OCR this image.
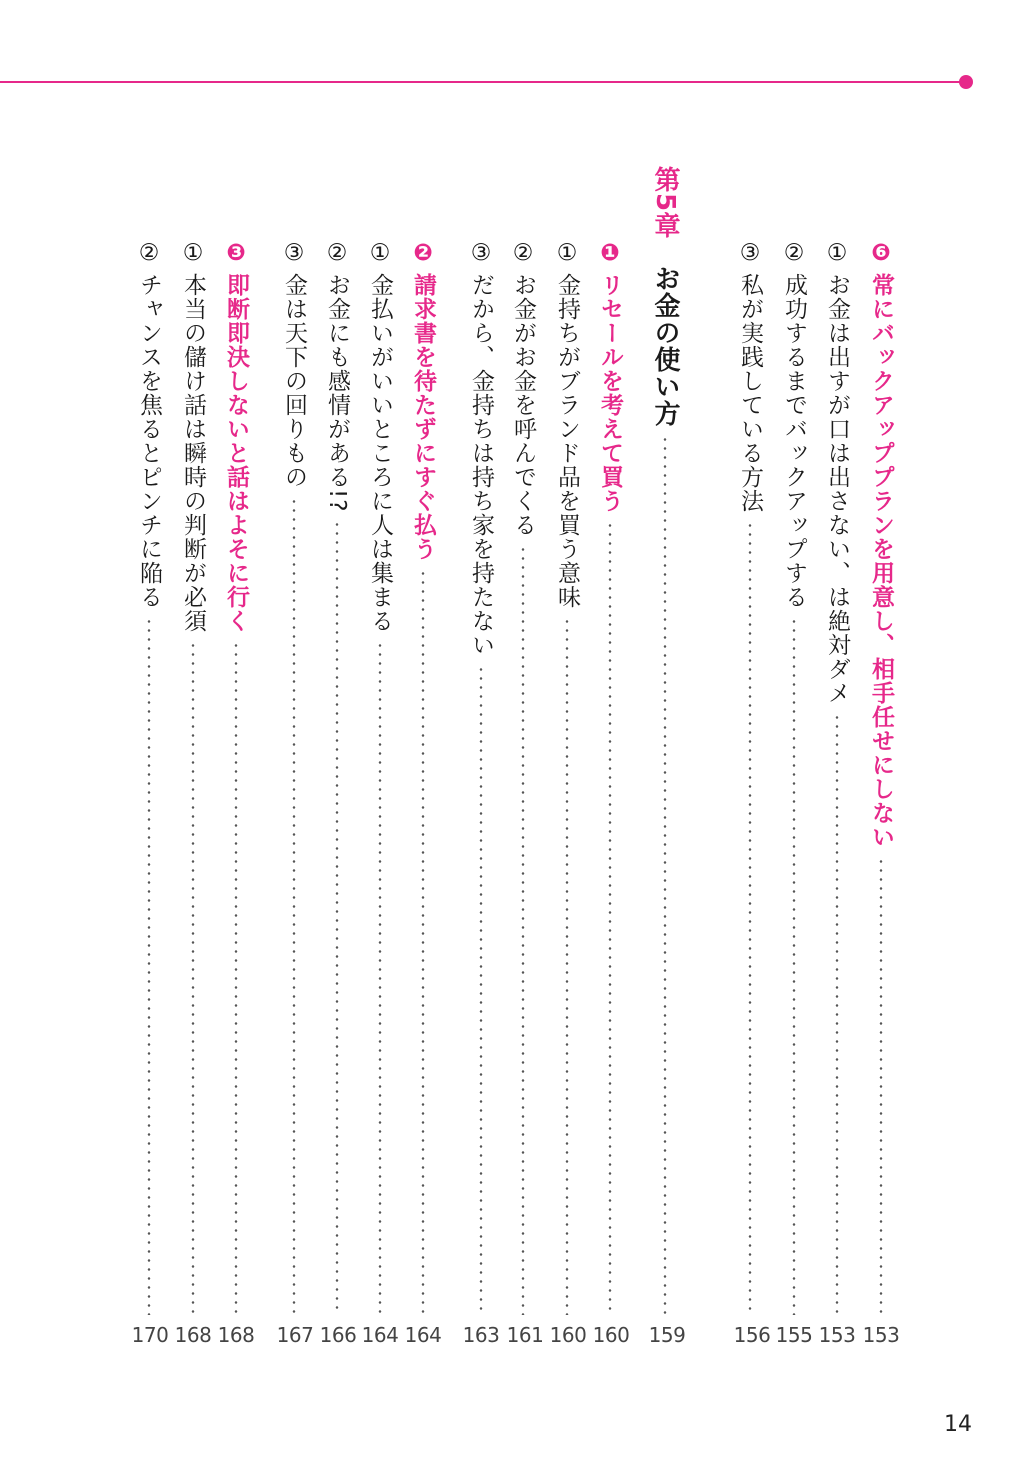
❻
常にバックアッププランを用意し、相手任せにしない
153
①
お金は出すが口は出さない、は絶対ダメ
153
②
成功するまでバックアップする
155
③
私が実践している方法
156
第5章
お金の使い方
159
❶
リセールを考えて買う
160
①
金持ちがブランド品を買う意味
160
②
お金がお金を呼んでくる
161
③
だから、金持ちは持ち家を持たない
163
❷
請求書を待たずにすぐ払う
164
①
金払いがいいところに人は集まる
164
②
お金にも感情がある!?
166
③
金は天下の回りもの
167
❸
即断即決しないと話はよそに行く
168
①
本当の儲け話は瞬時の判断が必須
168
②
チャンスを焦るとピンチに陥る
170
14
